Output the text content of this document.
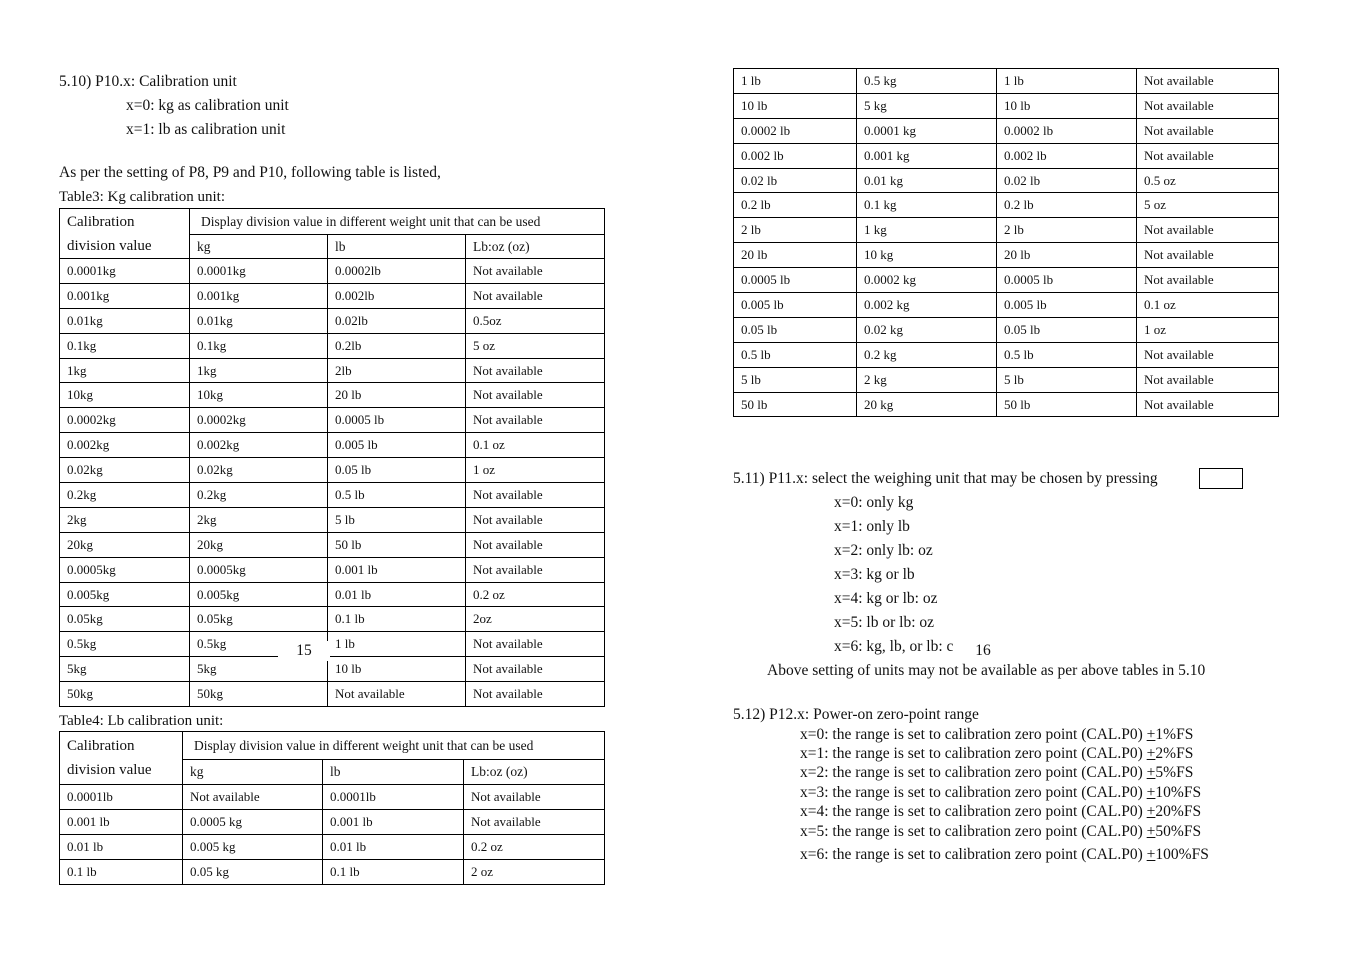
5.10) P10.x: Calibration unit
x=0: kg as calibration unit
x=1: lb as calibration unit
As per the setting of P8, P9 and P10, following table is listed,
Table3: Kg calibration unit:
Calibration
division value	Display division value in different weight unit that can be used		
	kg	lb	Lb:oz (oz)
0.0001kg	0.0001kg	0.0002lb	Not available
0.001kg	0.001kg	0.002lb	Not available
0.01kg	0.01kg	0.02lb	0.5oz
0.1kg	0.1kg	0.2lb	5 oz
1kg	1kg	2lb	Not available
10kg	10kg	20 lb	Not available
0.0002kg	0.0002kg	0.0005 lb	Not available
0.002kg	0.002kg	0.005 lb	0.1 oz
0.02kg	0.02kg	0.05 lb	1 oz
0.2kg	0.2kg	0.5 lb	Not available
2kg	2kg	5 lb	Not available
20kg	20kg	50 lb	Not available
0.0005kg	0.0005kg	0.001 lb	Not available
0.005kg	0.005kg	0.01 lb	0.2 oz
0.05kg	0.05kg	0.1 lb	2oz
0.5kg	0.5kg	1 lb	Not available
5kg	5kg	10 lb	Not available
50kg	50kg	Not available	Not available
Table4: Lb calibration unit:
Calibration
division value	Display division value in different weight unit that can be used		
	kg	lb	Lb:oz (oz)
0.0001lb	Not available	0.0001lb	Not available
0.001 lb	0.0005 kg	0.001 lb	Not available
0.01 lb	0.005 kg	0.01 lb	0.2 oz
0.1 lb	0.05 kg	0.1 lb	2 oz
15
1 lb	0.5 kg	1 lb	Not available
10 lb	5 kg	10 lb	Not available
0.0002 lb	0.0001 kg	0.0002 lb	Not available
0.002 lb	0.001 kg	0.002 lb	Not available
0.02 lb	0.01 kg	0.02 lb	0.5 oz
0.2 lb	0.1 kg	0.2 lb	5 oz
2 lb	1 kg	2 lb	Not available
20 lb	10 kg	20 lb	Not available
0.0005 lb	0.0002 kg	0.0005 lb	Not available
0.005 lb	0.002 kg	0.005 lb	0.1 oz
0.05 lb	0.02 kg	0.05 lb	1 oz
0.5 lb	0.2 kg	0.5 lb	Not available
5 lb	2 kg	5 lb	Not available
50 lb	20 kg	50 lb	Not available
5.11) P11.x: select the weighing unit that may be chosen by pressing
x=0: only kg
x=1: only lb
x=2: only lb: oz
x=3: kg or lb
x=4: kg or lb: oz
x=5: lb or lb: oz
x=6: kg, lb, or lb: c
Above setting of units may not be available as per above tables in 5.10
16
5.12) P12.x: Power-on zero-point range
x=0: the range is set to calibration zero point (CAL.P0) +1%FS
x=1: the range is set to calibration zero point (CAL.P0) +2%FS
x=2: the range is set to calibration zero point (CAL.P0) +5%FS
x=3: the range is set to calibration zero point (CAL.P0) +10%FS
x=4: the range is set to calibration zero point (CAL.P0) +20%FS
x=5: the range is set to calibration zero point (CAL.P0) +50%FS
x=6: the range is set to calibration zero point (CAL.P0) +100%FS
